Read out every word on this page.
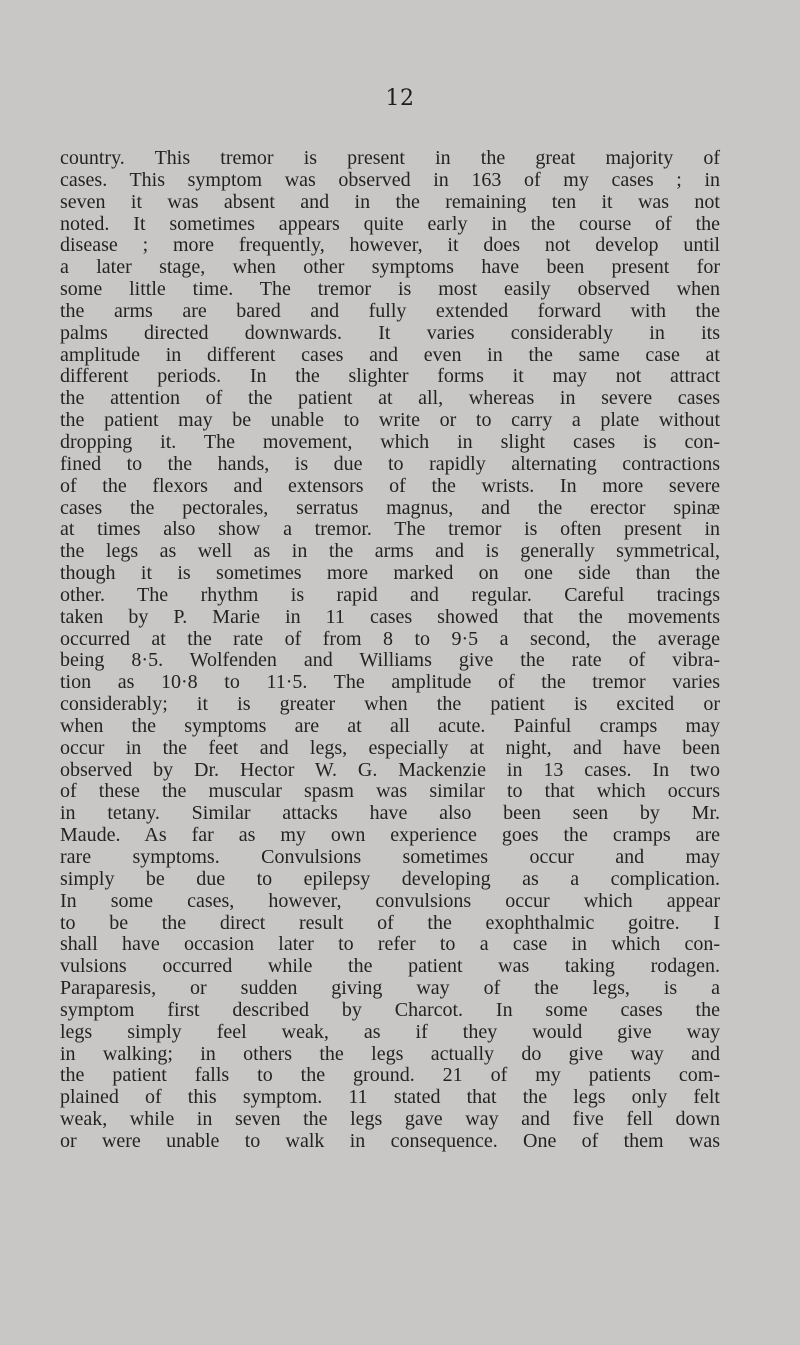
12
country. This tremor is present in the great majority of
cases. This symptom was observed in 163 of my cases ; in
seven it was absent and in the remaining ten it was not
noted. It sometimes appears quite early in the course of the
disease ; more frequently, however, it does not develop until
a later stage, when other symptoms have been present for
some little time. The tremor is most easily observed when
the arms are bared and fully extended forward with the
palms directed downwards. It varies considerably in its
amplitude in different cases and even in the same case at
different periods. In the slighter forms it may not attract
the attention of the patient at all, whereas in severe cases
the patient may be unable to write or to carry a plate without
dropping it. The movement, which in slight cases is con-
fined to the hands, is due to rapidly alternating contractions
of the flexors and extensors of the wrists. In more severe
cases the pectorales, serratus magnus, and the erector spinæ
at times also show a tremor. The tremor is often present in
the legs as well as in the arms and is generally symmetrical,
though it is sometimes more marked on one side than the
other. The rhythm is rapid and regular. Careful tracings
taken by P. Marie in 11 cases showed that the movements
occurred at the rate of from 8 to 9·5 a second, the average
being 8·5. Wolfenden and Williams give the rate of vibra-
tion as 10·8 to 11·5. The amplitude of the tremor varies
considerably; it is greater when the patient is excited or
when the symptoms are at all acute. Painful cramps may
occur in the feet and legs, especially at night, and have been
observed by Dr. Hector W. G. Mackenzie in 13 cases. In two
of these the muscular spasm was similar to that which occurs
in tetany. Similar attacks have also been seen by Mr.
Maude. As far as my own experience goes the cramps are
rare symptoms. Convulsions sometimes occur and may
simply be due to epilepsy developing as a complication.
In some cases, however, convulsions occur which appear
to be the direct result of the exophthalmic goitre. I
shall have occasion later to refer to a case in which con-
vulsions occurred while the patient was taking rodagen.
Paraparesis, or sudden giving way of the legs, is a
symptom first described by Charcot. In some cases the
legs simply feel weak, as if they would give way
in walking; in others the legs actually do give way and
the patient falls to the ground. 21 of my patients com-
plained of this symptom. 11 stated that the legs only felt
weak, while in seven the legs gave way and five fell down
or were unable to walk in consequence. One of them was
